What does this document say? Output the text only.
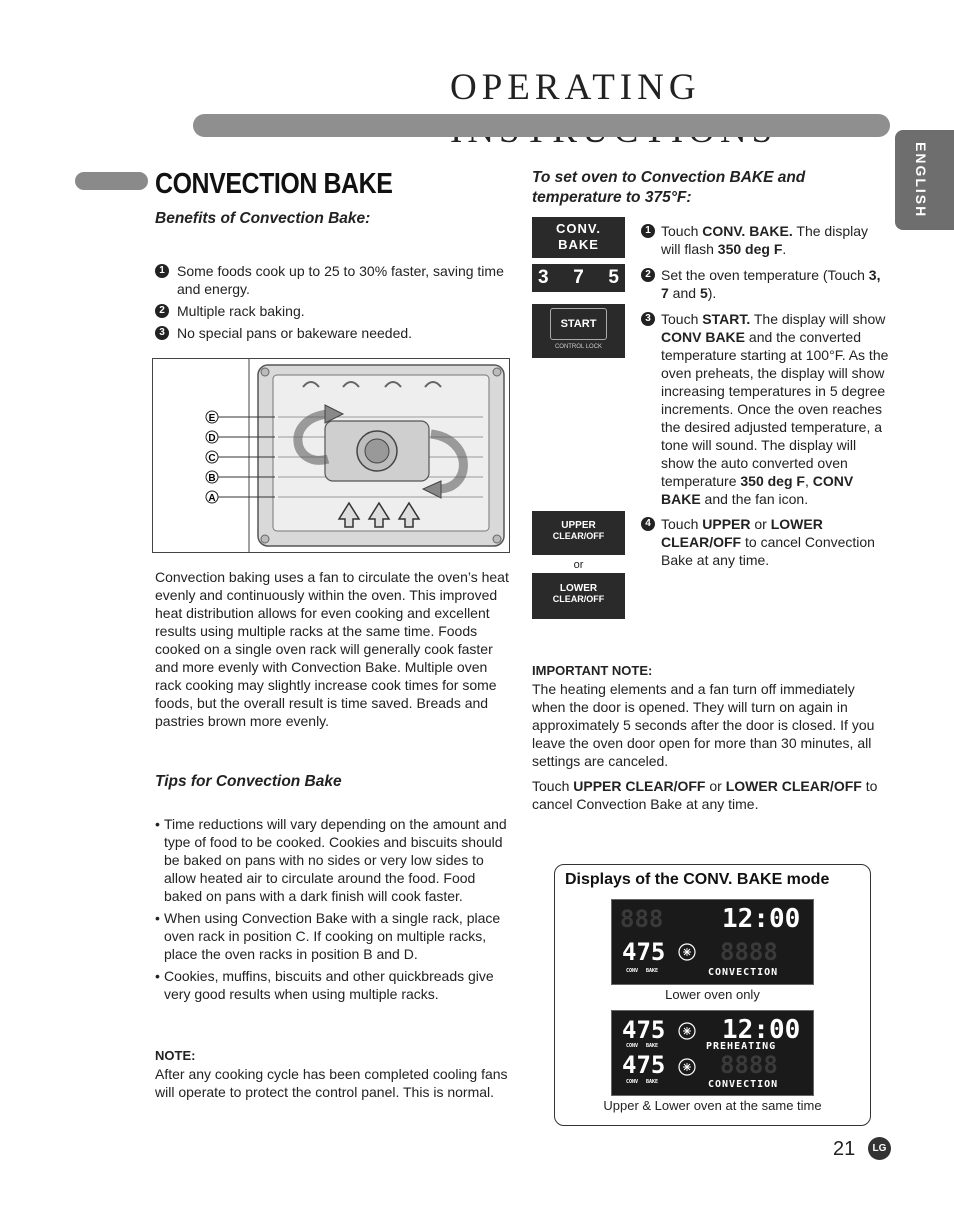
OPERATING
ENGLISH
CONVECTION BAKE
Benefits of Convection Bake:
1 Some foods cook up to 25 to 30% faster, saving time and energy.
2 Multiple rack baking.
3 No special pans or bakeware needed.
E
D
C
B
A
Convection baking uses a fan to circulate the oven’s heat evenly and continuously within the oven. This improved heat distribution allows for even cooking and excellent results using multiple racks at the same time. Foods cooked on a single oven rack will generally cook faster and more evenly with Convection Bake. Multiple oven rack cooking may slightly increase cook times for some foods, but the overall result is time saved. Breads and pastries brown more evenly.
Tips for Convection Bake
• Time reductions will vary depending on the amount and type of food to be cooked. Cookies and biscuits should be baked on pans with no sides or very low sides to allow heated air to circulate around the food. Food baked on pans with a dark finish will cook faster.
• When using Convection Bake with a single rack, place oven rack in position C. If cooking on multiple racks, place the oven racks in position B and D.
• Cookies, muffins, biscuits and other quickbreads give very good results when using multiple racks.
NOTE:
After any cooking cycle has been completed cooling fans will operate to protect the control panel. This is normal.
To set oven to Convection BAKE and temperature to 375°F:
CONV.
BAKE
3 7 5
START
CONTROL LOCK
UPPER
CLEAR/OFF
or
LOWER
CLEAR/OFF
1 Touch CONV. BAKE. The display will flash 350 deg F.
2 Set the oven temperature (Touch 3, 7 and 5).
3 Touch START. The display will show CONV BAKE and the converted temperature starting at 100°F. As the oven preheats, the display will show increasing temperatures in 5 degree increments. Once the oven reaches the desired adjusted temperature, a tone will sound. The display will show the auto converted oven temperature 350 deg F, CONV BAKE and the fan icon.
4 Touch UPPER or LOWER CLEAR/OFF to cancel Convection Bake at any time.
IMPORTANT NOTE:
The heating elements and a fan turn off immediately when the door is opened. They will turn on again in approximately 5 seconds after the door is closed. If you leave the oven door open for more than 30 minutes, all settings are canceled.
Touch UPPER CLEAR/OFF or LOWER CLEAR/OFF to cancel Convection Bake at any time.
Displays of the CONV. BAKE mode
888 12:00
475 8888
CONVECTION
CONV BAKE
Lower oven only
475 12:00
PREHEATING
475 8888
CONVECTION
CONV BAKE
CONV BAKE
Upper & Lower oven at the same time
21	LG
